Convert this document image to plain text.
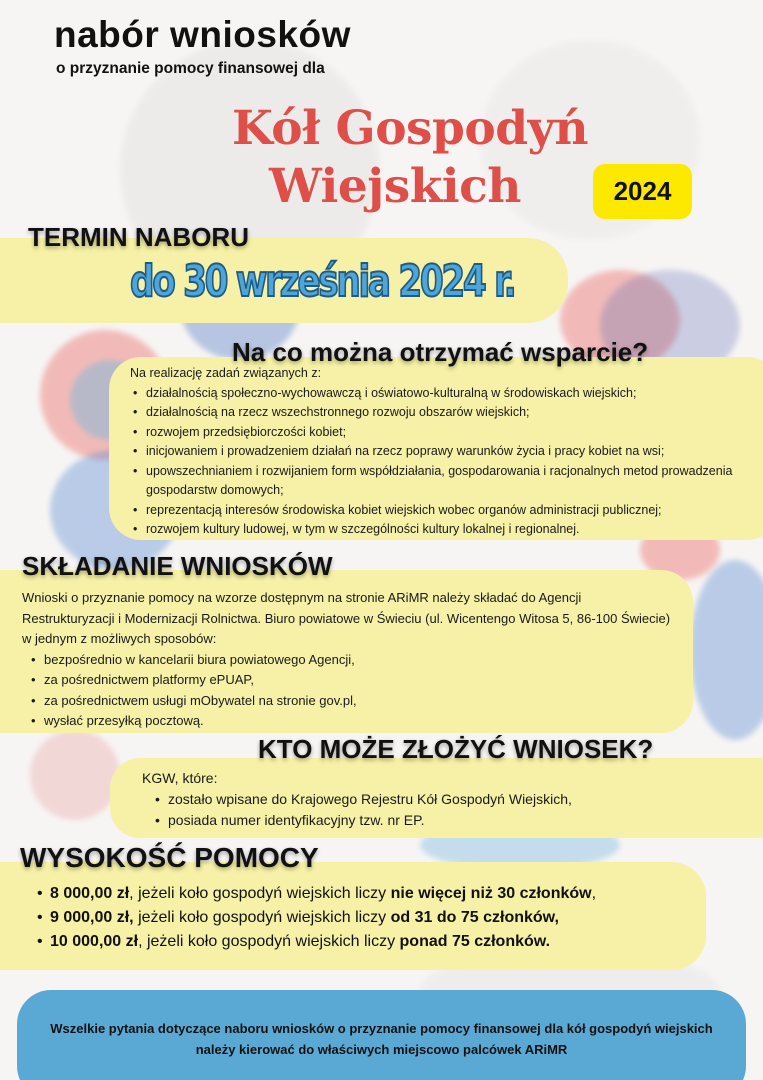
nabór wniosków
o przyznanie pomocy finansowej dla
Kół Gospodyń
Wiejskich	2024
TERMIN NABORU
do 30 września 2024 r.
Na co można otrzymać wsparcie?
Na realizację zadań związanych z:
• działalnością społeczno-wychowawczą i oświatowo-kulturalną w środowiskach wiejskich;
• działalnością na rzecz wszechstronnego rozwoju obszarów wiejskich;
• rozwojem przedsiębiorczości kobiet;
• inicjowaniem i prowadzeniem działań na rzecz poprawy warunków życia i pracy kobiet na wsi;
• upowszechnianiem i rozwijaniem form współdziałania, gospodarowania i racjonalnych metod prowadzenia gospodarstw domowych;
• reprezentacją interesów środowiska kobiet wiejskich wobec organów administracji publicznej;
• rozwojem kultury ludowej, w tym w szczególności kultury lokalnej i regionalnej.
SKŁADANIE WNIOSKÓW
Wnioski o przyznanie pomocy na wzorze dostępnym na stronie ARiMR należy składać do Agencji Restrukturyzacji i Modernizacji Rolnictwa. Biuro powiatowe w Świeciu (ul. Wicentengo Witosa 5, 86-100 Świecie) w jednym z możliwych sposobów:
• bezpośrednio w kancelarii biura powiatowego Agencji,
• za pośrednictwem platformy ePUAP,
• za pośrednictwem usługi mObywatel na stronie gov.pl,
• wysłać przesyłką pocztową.
KTO MOŻE ZŁOŻYĆ WNIOSEK?
KGW, które:
• zostało wpisane do Krajowego Rejestru Kół Gospodyń Wiejskich,
• posiada numer identyfikacyjny tzw. nr EP.
WYSOKOŚĆ POMOCY
• 8 000,00 zł, jeżeli koło gospodyń wiejskich liczy nie więcej niż 30 członków,
• 9 000,00 zł, jeżeli koło gospodyń wiejskich liczy od 31 do 75 członków,
• 10 000,00 zł, jeżeli koło gospodyń wiejskich liczy ponad 75 członków.
Wszelkie pytania dotyczące naboru wniosków o przyznanie pomocy finansowej dla kół gospodyń wiejskich należy kierować do właściwych miejscowo palcówek ARiMR
